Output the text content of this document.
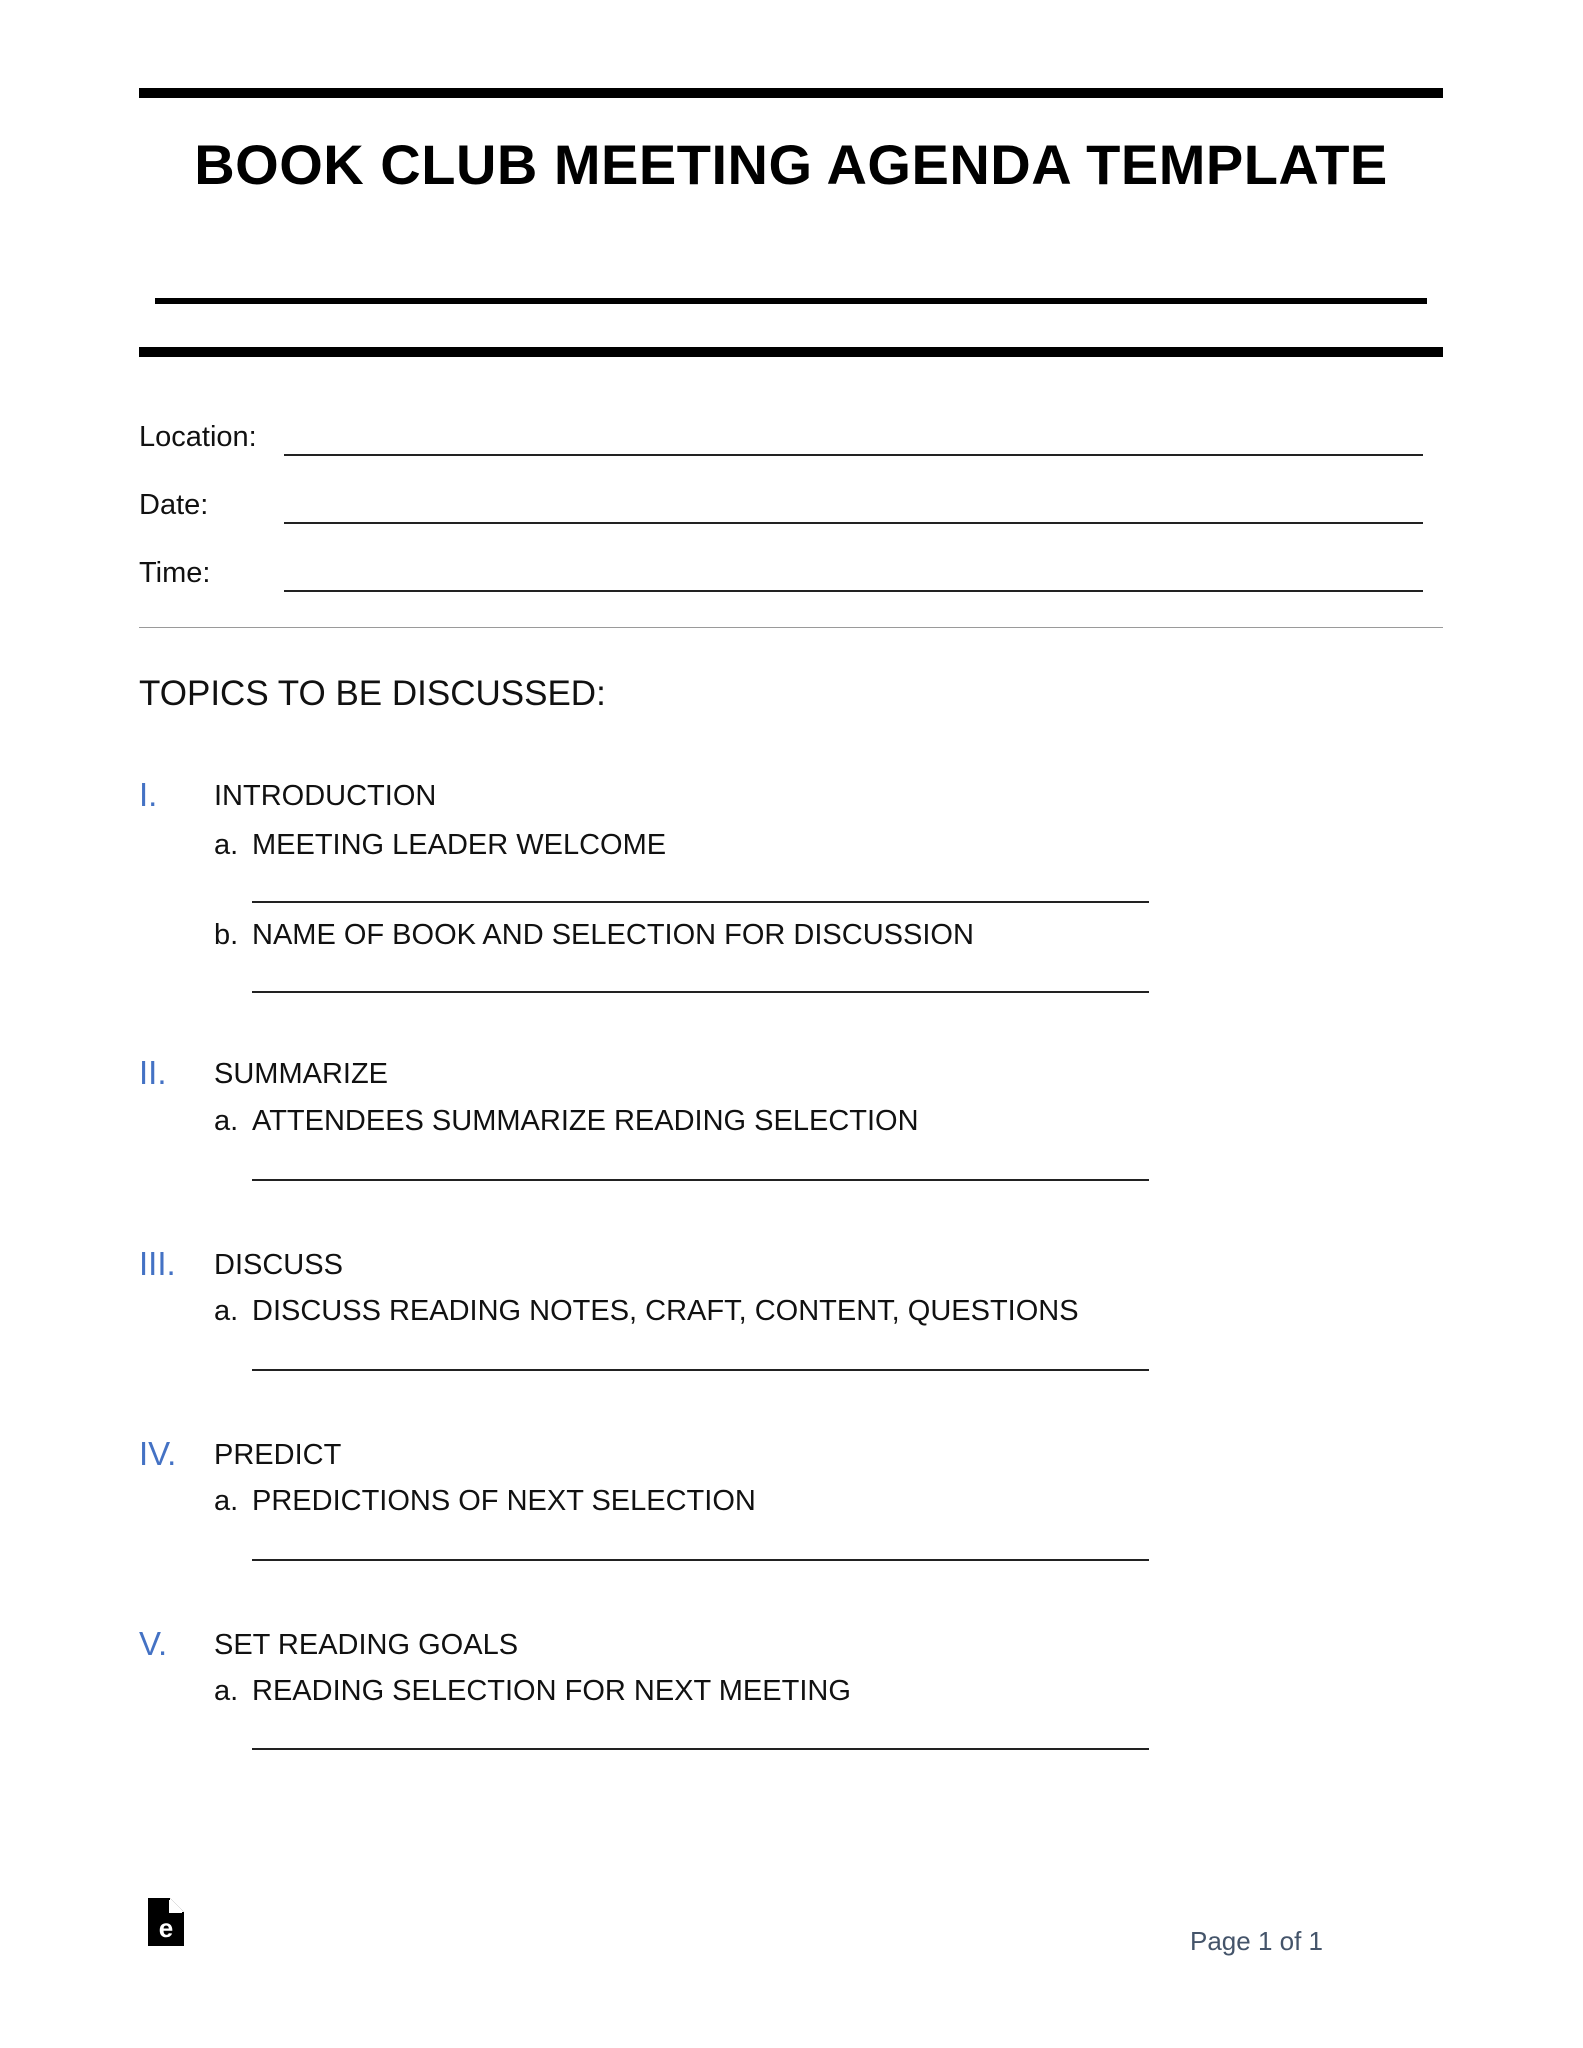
BOOK CLUB MEETING AGENDA TEMPLATE
Location:
Date:
Time:
TOPICS TO BE DISCUSSED:
I. INTRODUCTION
a. MEETING LEADER WELCOME
b. NAME OF BOOK AND SELECTION FOR DISCUSSION
II. SUMMARIZE
a. ATTENDEES SUMMARIZE READING SELECTION
III. DISCUSS
a. DISCUSS READING NOTES, CRAFT, CONTENT, QUESTIONS
IV. PREDICT
a. PREDICTIONS OF NEXT SELECTION
V. SET READING GOALS
a. READING SELECTION FOR NEXT MEETING
e	Page 1 of 1
